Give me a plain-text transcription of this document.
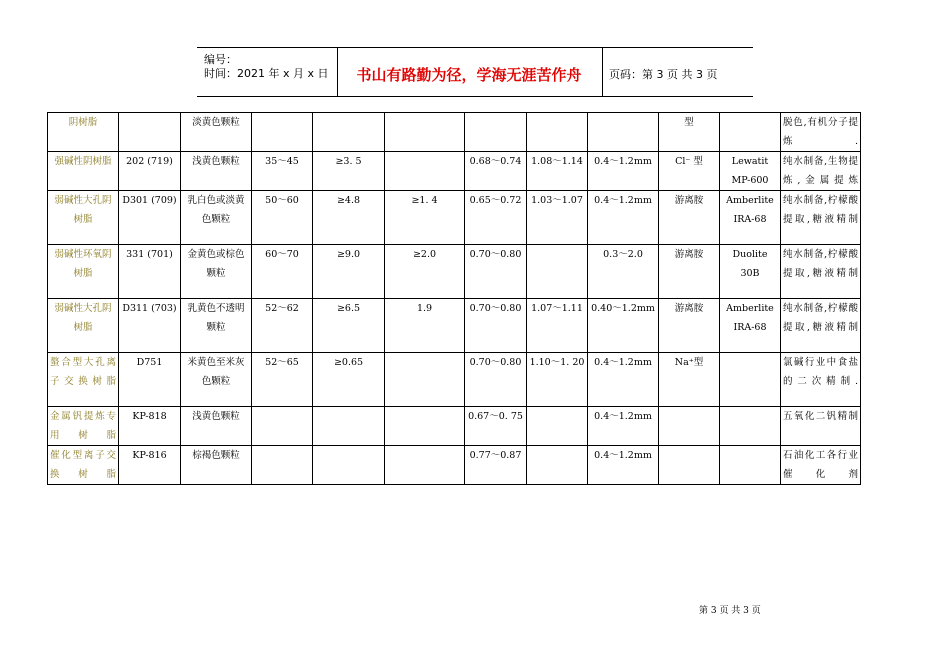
编号：
时间：2021 年 x 月 x 日	书山有路勤为径，学海无涯苦作舟	页码：第 3 页 共 3 页
阴树脂		淡黄色颗粒							型		脱色,有机分子提炼.
强碱性阴树脂	202 (719)	浅黄色颗粒	35～45	≥3. 5		0.68～0.74	1.08～1.14	0.4～1.2mm	Cl⁻ 型	Lewatit MP-600	纯水制备,生物提炼,金属提炼
弱碱性大孔阴树脂	D301 (709)	乳白色或淡黄色颗粒	50～60	≥4.8	≥1. 4	0.65～0.72	1.03～1.07	0.4～1.2mm	游离胺	Amberlite IRA-68	纯水制备,柠檬酸提取,糖液精制
弱碱性环氧阴树脂	331 (701)	金黄色或棕色颗粒	60～70	≥9.0	≥2.0	0.70～0.80		0.3～2.0	游离胺	Duolite 30B	纯水制备,柠檬酸提取,糖液精制
弱碱性大孔阴树脂	D311 (703)	乳黄色不透明颗粒	52～62	≥6.5	1.9	0.70～0.80	1.07～1.11	0.40～1.2mm	游离胺	Amberlite IRA-68	纯水制备,柠檬酸提取,糖液精制
螯合型大孔离子交换树脂	D751	米黄色至米灰色颗粒	52～65	≥0.65		0.70～0.80	1.10～1. 20	0.4～1.2mm	Na⁺型		氯碱行业中食盐的二次精制.
金属钒提炼专用树脂	KP-818	浅黄色颗粒				0.67～0. 75		0.4～1.2mm			五氧化二钒精制
催化型离子交换树脂	KP-816	棕褐色颗粒				0.77～0.87		0.4～1.2mm			石油化工各行业催化剂
第 3 页 共 3 页
